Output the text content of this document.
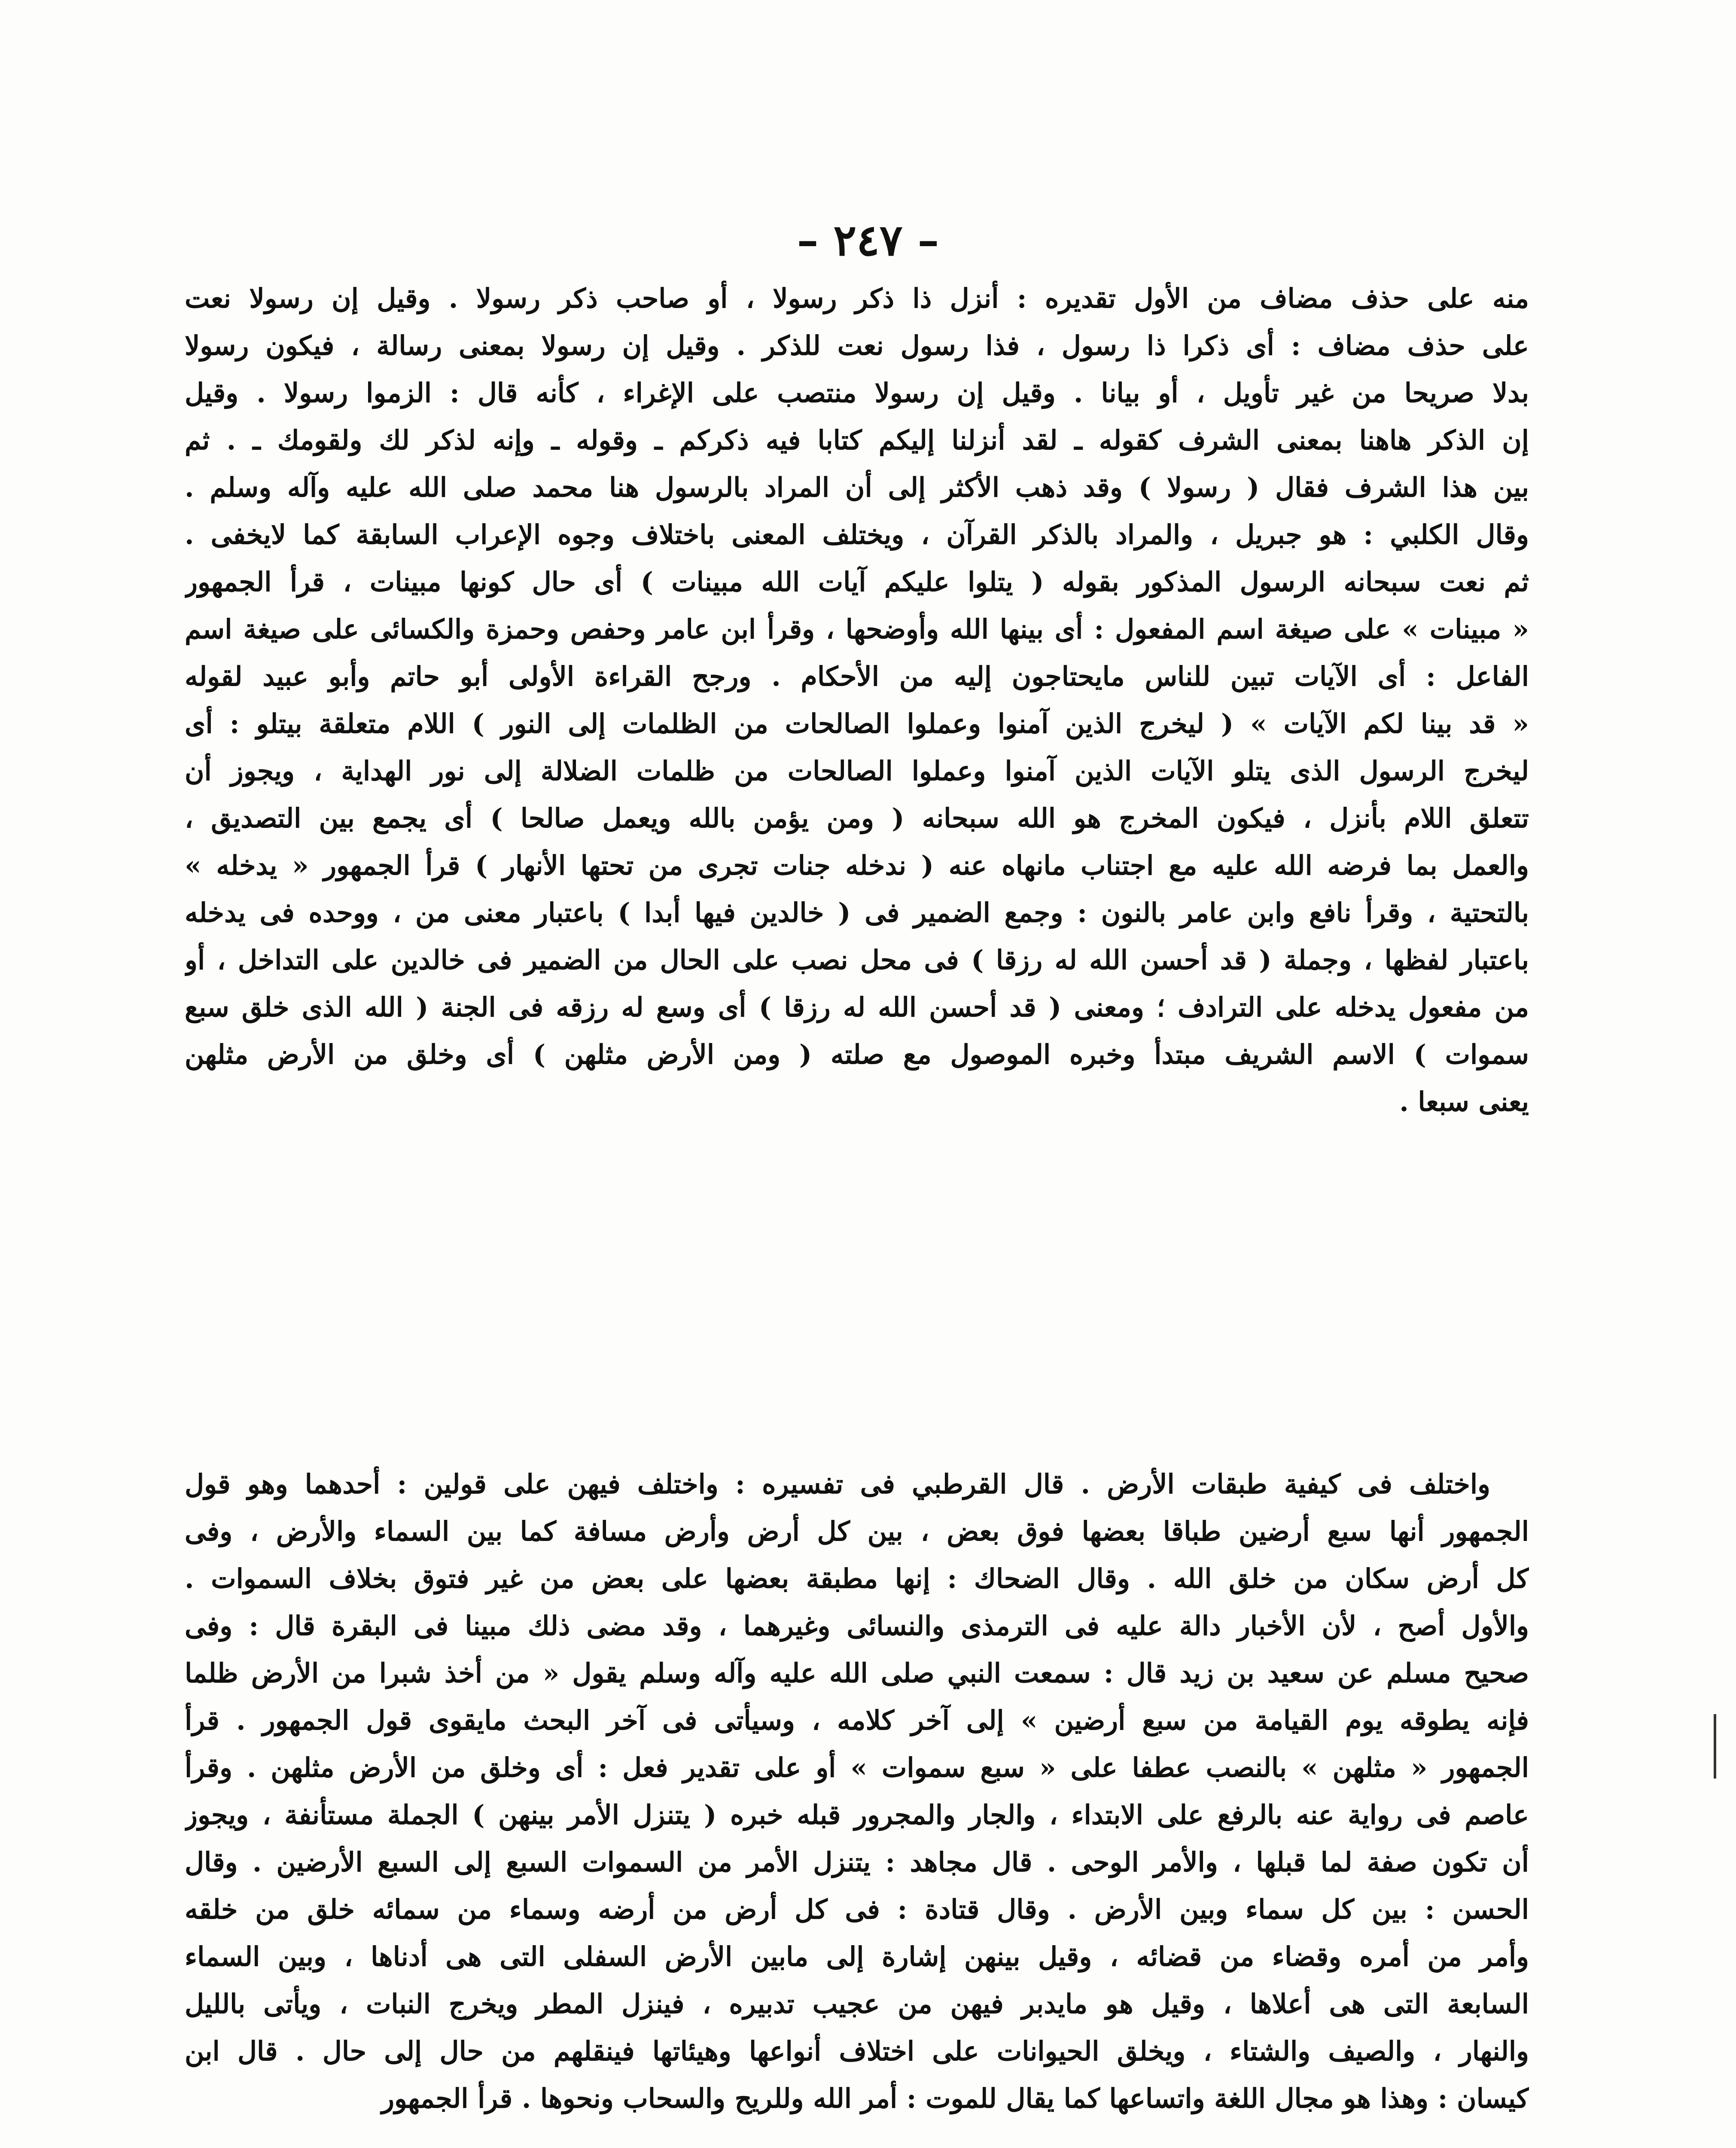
– ٢٤٧ –
منه على حذف مضاف من الأول تقديره : أنزل ذا ذكر رسولا ، أو صاحب ذكر رسولا . وقيل إن رسولا نعت
على حذف مضاف : أى ذكرا ذا رسول ، فذا رسول نعت للذكر . وقيل إن رسولا بمعنى رسالة ، فيكون رسولا
بدلا صريحا من غير تأويل ، أو بيانا . وقيل إن رسولا منتصب على الإغراء ، كأنه قال : الزموا رسولا . وقيل
إن الذكر هاهنا بمعنى الشرف كقوله ـ لقد أنزلنا إليكم كتابا فيه ذكركم ـ وقوله ـ وإنه لذكر لك ولقومك ـ . ثم
بين هذا الشرف فقال ( رسولا ) وقد ذهب الأكثر إلى أن المراد بالرسول هنا محمد صلى الله عليه وآله وسلم .
وقال الكلبي : هو جبريل ، والمراد بالذكر القرآن ، ويختلف المعنى باختلاف وجوه الإعراب السابقة كما لايخفى .
ثم نعت سبحانه الرسول المذكور بقوله ( يتلوا عليكم آيات الله مبينات ) أى حال كونها مبينات ، قرأ الجمهور
« مبينات » على صيغة اسم المفعول : أى بينها الله وأوضحها ، وقرأ ابن عامر وحفص وحمزة والكسائى على صيغة اسم
الفاعل : أى الآيات تبين للناس مايحتاجون إليه من الأحكام . ورجح القراءة الأولى أبو حاتم وأبو عبيد لقوله
« قد بينا لكم الآيات » ( ليخرج الذين آمنوا وعملوا الصالحات من الظلمات إلى النور ) اللام متعلقة بيتلو : أى
ليخرج الرسول الذى يتلو الآيات الذين آمنوا وعملوا الصالحات من ظلمات الضلالة إلى نور الهداية ، ويجوز أن
تتعلق اللام بأنزل ، فيكون المخرج هو الله سبحانه ( ومن يؤمن بالله ويعمل صالحا ) أى يجمع بين التصديق ،
والعمل بما فرضه الله عليه مع اجتناب مانهاه عنه ( ندخله جنات تجرى من تحتها الأنهار ) قرأ الجمهور « يدخله »
بالتحتية ، وقرأ نافع وابن عامر بالنون : وجمع الضمير فى ( خالدين فيها أبدا ) باعتبار معنى من ، ووحده فى يدخله
باعتبار لفظها ، وجملة ( قد أحسن الله له رزقا ) فى محل نصب على الحال من الضمير فى خالدين على التداخل ، أو
من مفعول يدخله على الترادف ؛ ومعنى ( قد أحسن الله له رزقا ) أى وسع له رزقه فى الجنة ( الله الذى خلق سبع
سموات ) الاسم الشريف مبتدأ وخبره الموصول مع صلته ( ومن الأرض مثلهن ) أى وخلق من الأرض مثلهن
يعنى سبعا .
واختلف فى كيفية طبقات الأرض . قال القرطبي فى تفسيره : واختلف فيهن على قولين : أحدهما وهو قول
الجمهور أنها سبع أرضين طباقا بعضها فوق بعض ، بين كل أرض وأرض مسافة كما بين السماء والأرض ، وفى
كل أرض سكان من خلق الله . وقال الضحاك : إنها مطبقة بعضها على بعض من غير فتوق بخلاف السموات .
والأول أصح ، لأن الأخبار دالة عليه فى الترمذى والنسائى وغيرهما ، وقد مضى ذلك مبينا فى البقرة قال : وفى
صحيح مسلم عن سعيد بن زيد قال : سمعت النبي صلى الله عليه وآله وسلم يقول « من أخذ شبرا من الأرض ظلما
فإنه يطوقه يوم القيامة من سبع أرضين » إلى آخر كلامه ، وسيأتى فى آخر البحث مايقوى قول الجمهور . قرأ
الجمهور « مثلهن » بالنصب عطفا على « سبع سموات » أو على تقدير فعل : أى وخلق من الأرض مثلهن . وقرأ
عاصم فى رواية عنه بالرفع على الابتداء ، والجار والمجرور قبله خبره ( يتنزل الأمر بينهن ) الجملة مستأنفة ، ويجوز
أن تكون صفة لما قبلها ، والأمر الوحى . قال مجاهد : يتنزل الأمر من السموات السبع إلى السبع الأرضين . وقال
الحسن : بين كل سماء وبين الأرض . وقال قتادة : فى كل أرض من أرضه وسماء من سمائه خلق من خلقه
وأمر من أمره وقضاء من قضائه ، وقيل بينهن إشارة إلى مابين الأرض السفلى التى هى أدناها ، وبين السماء
السابعة التى هى أعلاها ، وقيل هو مايدبر فيهن من عجيب تدبيره ، فينزل المطر ويخرج النبات ، ويأتى بالليل
والنهار ، والصيف والشتاء ، ويخلق الحيوانات على اختلاف أنواعها وهيئاتها فينقلهم من حال إلى حال . قال ابن
كيسان : وهذا هو مجال اللغة واتساعها كما يقال للموت : أمر الله وللريح والسحاب ونحوها . قرأ الجمهور
